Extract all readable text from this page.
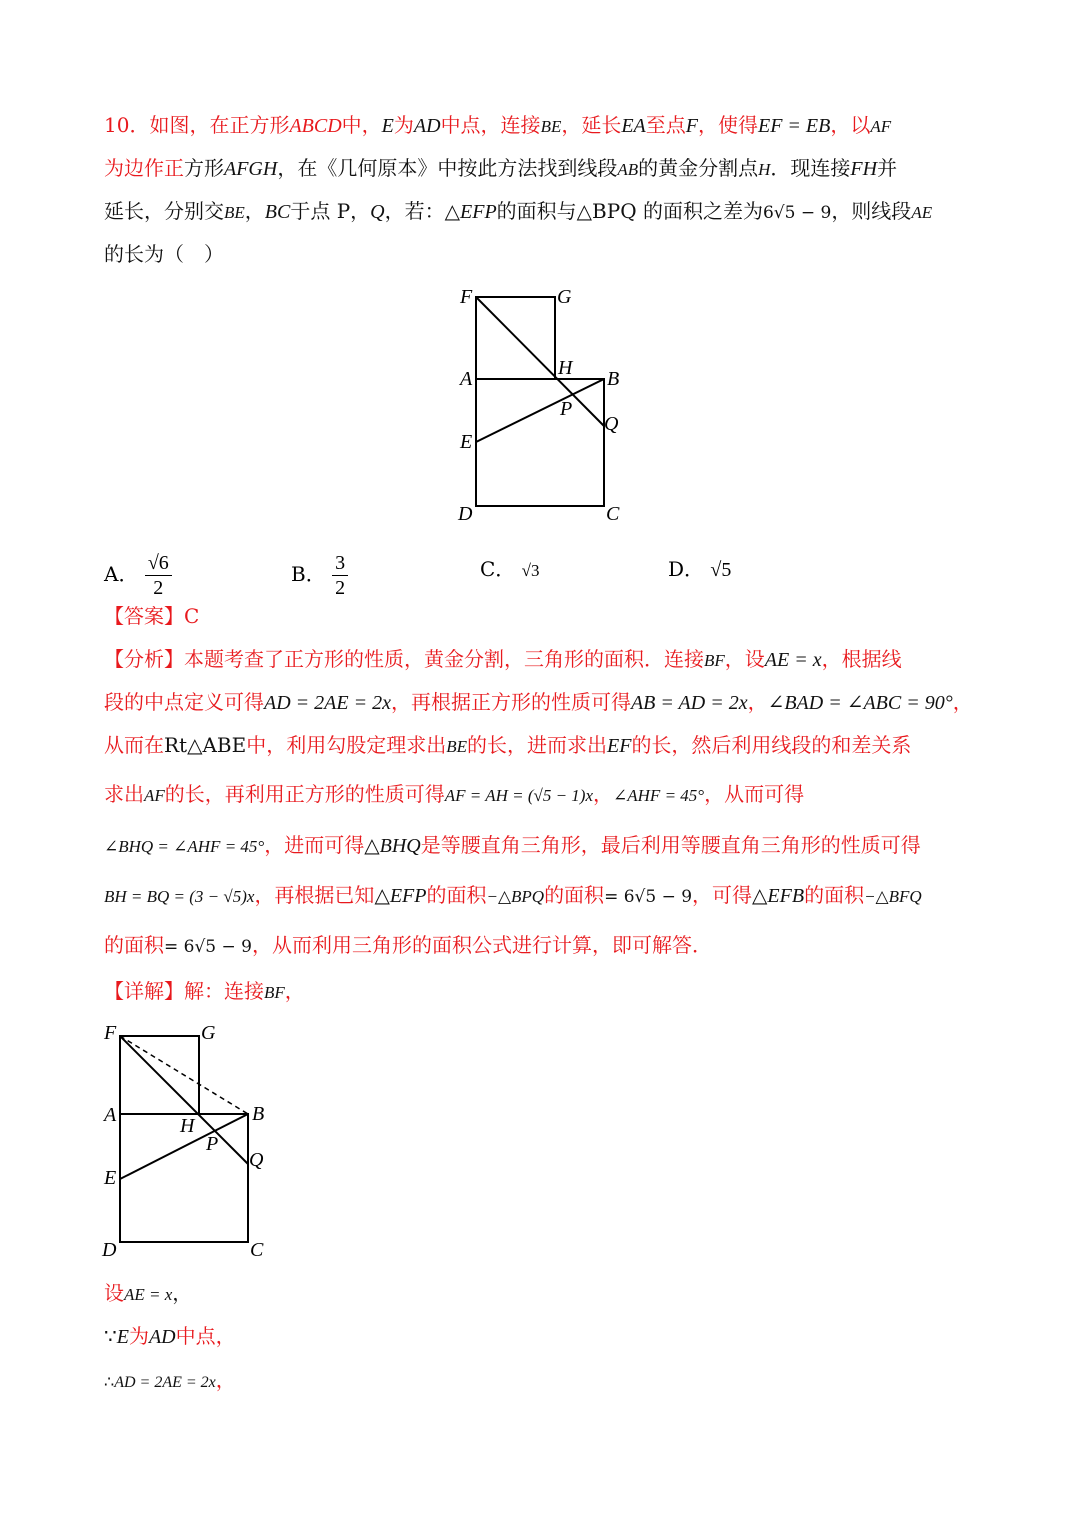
10．如图，在正方形ABCD中，E为AD中点，连接BE，延长EA至点F，使得EF = EB，以AF
为边作正方形AFGH，在《几何原本》中按此方法找到线段AB的黄金分割点H．现连接FH并
延长，分别交BE，BC于点 P，Q，若：△EFP的面积与△BPQ 的面积之差为6√5 − 9，则线段AE
的长为（　）
F	G
A	H B
P
Q
E
D	C
A． $\frac{√6}{2}$	B． $\frac{3}{2}$	C． √3	D． √5
【答案】C
【分析】本题考查了正方形的性质，黄金分割，三角形的面积．连接BF，设AE = x，根据线
段的中点定义可得AD = 2AE = 2x，再根据正方形的性质可得AB = AD = 2x，∠BAD = ∠ABC = 90°，
从而在Rt△ABE中，利用勾股定理求出BE的长，进而求出EF的长，然后利用线段的和差关系
求出AF的长，再利用正方形的性质可得AF = AH = (√5 − 1)x，∠AHF = 45°，从而可得
∠BHQ = ∠AHF = 45°，进而可得△BHQ是等腰直角三角形，最后利用等腰直角三角形的性质可得
BH = BQ = (3 − √5)x，再根据已知△EFP的面积−△BPQ的面积= 6√5 − 9，可得△EFB的面积−△BFQ
的面积= 6√5 − 9，从而利用三角形的面积公式进行计算，即可解答．
【详解】解：连接BF，
F	G
A	H
B
P
Q
E
D	C
设AE = x，
∵E为AD中点，
∴AD = 2AE = 2x，
